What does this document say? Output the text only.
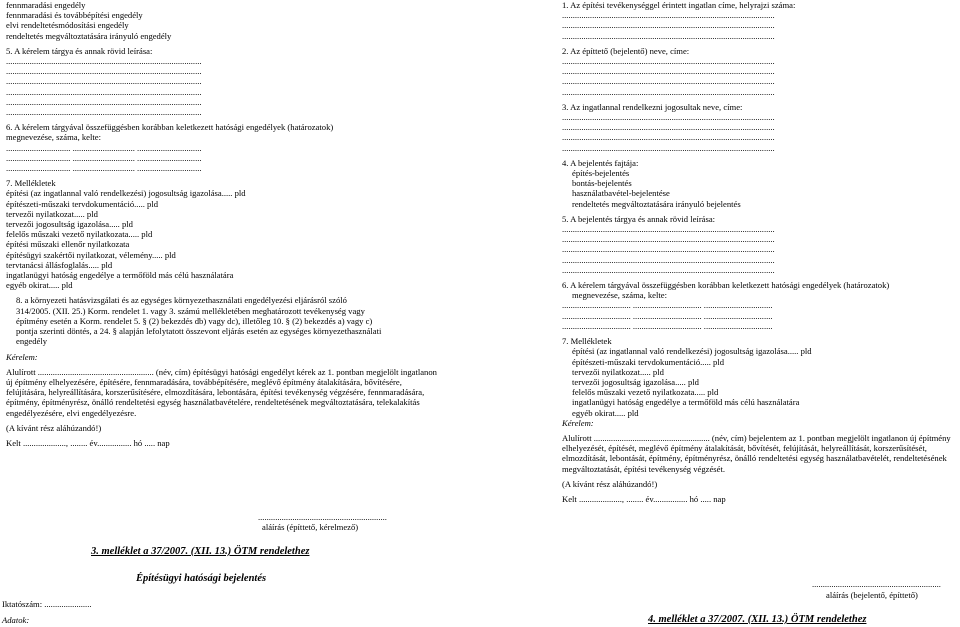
fennmaradási engedély
fennmaradási és továbbépítési engedély
elvi rendeltetésmódosítási engedély
rendeltetés megváltoztatására irányuló engedély
5. A kérelem tárgya és annak rövid leírása:
...........................................................................................
...........................................................................................
...........................................................................................
...........................................................................................
...........................................................................................
...........................................................................................
6. A kérelem tárgyával összefüggésben korábban keletkezett hatósági engedélyek (határozatok)
megnevezése, száma, kelte:
.............................. ............................. ..............................
.............................. ............................. ..............................
.............................. ............................. ..............................
7. Mellékletek
építési (az ingatlannal való rendelkezési) jogosultság igazolása..... pld
építészeti-műszaki tervdokumentáció..... pld
tervezői nyilatkozat..... pld
tervezői jogosultság igazolása..... pld
felelős műszaki vezető nyilatkozata..... pld
építési műszaki ellenőr nyilatkozata
építésügyi szakértői nyilatkozat, vélemény..... pld
tervtanácsi állásfoglalás..... pld
ingatlanügyi hatóság engedélye a termőföld más célú használatára
egyéb okirat..... pld
8. a környezeti hatásvizsgálati és az egységes környezethasználati engedélyezési eljárásról szóló
314/2005. (XII. 25.) Korm. rendelet 1. vagy 3. számú mellékletében meghatározott tevékenység vagy
építmény esetén a Korm. rendelet 5. § (2) bekezdés db) vagy dc), illetőleg 10. § (2) bekezdés a) vagy c)
pontja szerinti döntés, a 24. § alapján lefolytatott összevont eljárás esetén az egységes környezethasználati
engedély
Kérelem:
Alulírott ...................................................... (név, cím) építésügyi hatósági engedélyt kérek az 1. pontban megjelölt ingatlanon új építmény elhelyezésére, építésére, fennmaradására, továbbépítésére, meglévő építmény átalakítására, bővítésére, felújítására, helyreállítására, korszerűsítésére, elmozdítására, lebontására, építési tevékenység végzésére, fennmaradására, építmény, építményrész, önálló rendeltetési egység használatbavételére, rendeltetésének megváltoztatására, telekalakítás engedélyezésére, elvi engedélyezésre.
(A kívánt rész aláhúzandó!)
Kelt ...................., ........ év................ hó ..... nap
............................................................
aláírás (építtető, kérelmező)
3. melléklet a 37/2007. (XII. 13.) ÖTM rendelethez
Építésügyi hatósági bejelentés
Iktatószám: ......................
Adatok:
1. Az építési tevékenységgel érintett ingatlan címe, helyrajzi száma:
...................................................................................................
...................................................................................................
...................................................................................................
2. Az építtető (bejelentő) neve, címe:
...................................................................................................
...................................................................................................
...................................................................................................
...................................................................................................
3. Az ingatlannal rendelkezni jogosultak neve, címe:
...................................................................................................
...................................................................................................
...................................................................................................
...................................................................................................
4. A bejelentés fajtája:
építés-bejelentés
bontás-bejelentés
használatbavétel-bejelentése
rendeltetés megváltoztatására irányuló bejelentés
5. A bejelentés tárgya és annak rövid leírása:
...................................................................................................
...................................................................................................
...................................................................................................
...................................................................................................
...................................................................................................
6. A kérelem tárgyával összefüggésben korábban keletkezett hatósági engedélyek (határozatok)
megnevezése, száma, kelte:
................................ ................................ ................................
................................ ................................ ................................
................................ ................................ ................................
7. Mellékletek
építési (az ingatlannal való rendelkezési) jogosultság igazolása..... pld
építészeti-műszaki tervdokumentáció..... pld
tervezői nyilatkozat..... pld
tervezői jogosultság igazolása..... pld
felelős műszaki vezető nyilatkozata..... pld
ingatlanügyi hatóság engedélye a termőföld más célú használatára
egyéb okirat..... pld
Kérelem:
Alulírott ...................................................... (név, cím) bejelentem az 1. pontban megjelölt ingatlanon új építmény elhelyezését, építését, meglévő építmény átalakítását, bővítését, felújítását, helyreállítását, korszerűsítését, elmozdítását, lebontását, építmény, építményrész, önálló rendeltetési egység használatbavételét, rendeltetésének megváltoztatását, építési tevékenység végzését.
(A kívánt rész aláhúzandó!)
Kelt ...................., ........ év................ hó ..... nap
............................................................
aláírás (bejelentő, építtető)
4. melléklet a 37/2007. (XII. 13.) ÖTM rendelethez
